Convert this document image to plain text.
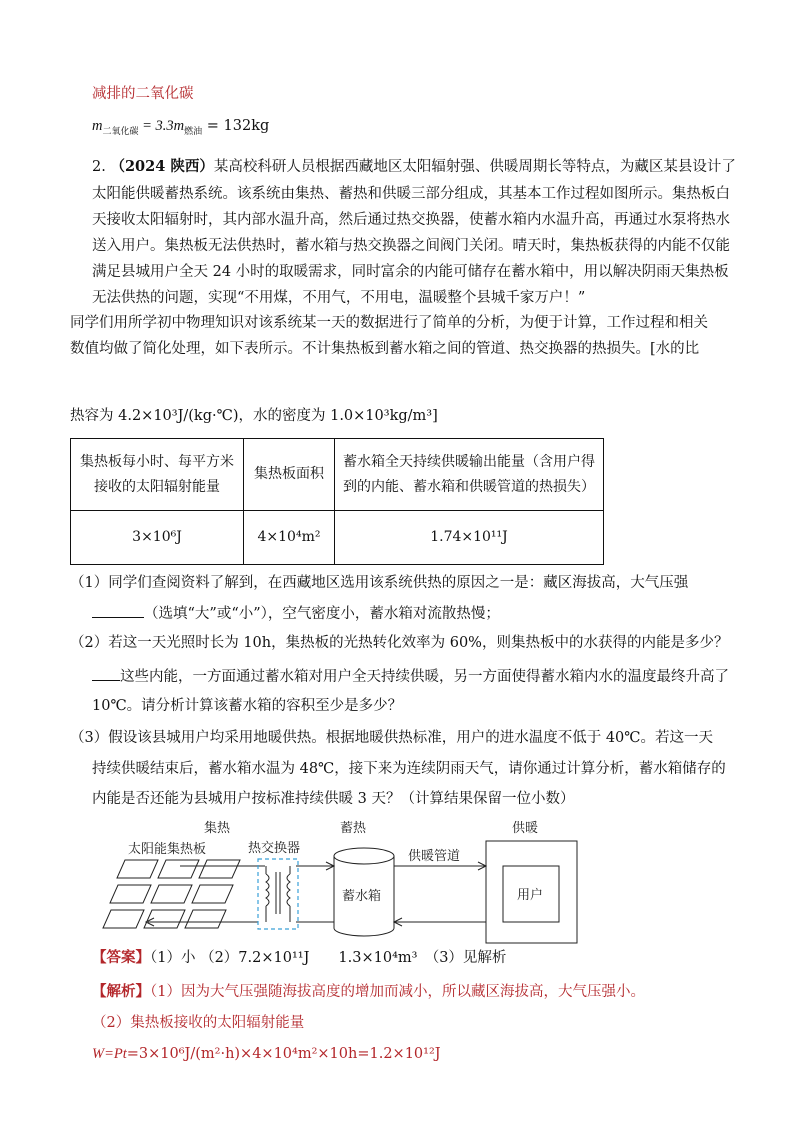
减排的二氧化碳
$m_{二氧化碳} = 3.3m_{燃油} = 132kg$
2. （2024 陕西）某高校科研人员根据西藏地区太阳辐射强、供暖周期长等特点，为藏区某县设计了
太阳能供暖蓄热系统。该系统由集热、蓄热和供暖三部分组成，其基本工作过程如图所示。集热板白
天接收太阳辐射时，其内部水温升高，然后通过热交换器，使蓄水箱内水温升高，再通过水泵将热水
送入用户。集热板无法供热时，蓄水箱与热交换器之间阀门关闭。晴天时，集热板获得的内能不仅能
满足县城用户全天 24 小时的取暖需求，同时富余的内能可储存在蓄水箱中，用以解决阴雨天集热板
无法供热的问题，实现“不用煤，不用气，不用电，温暖整个县城千家万户！”
同学们用所学初中物理知识对该系统某一天的数据进行了简单的分析，为便于计算，工作过程和相关
数值均做了简化处理，如下表所示。不计集热板到蓄水箱之间的管道、热交换器的热损失。[水的比
热容为 4.2×10³J/(kg·℃)，水的密度为 1.0×10³kg/m³]
集热板每小时、每平方米接收的太阳辐射能量	集热板面积	蓄水箱全天持续供暖输出能量（含用户得到的内能、蓄水箱和供暖管道的热损失）
3×10⁶J	4×10⁴m²	1.74×10¹¹J
（1）同学们查阅资料了解到，在西藏地区选用该系统供热的原因之一是：藏区海拔高，大气压强
（选填“大”或“小”），空气密度小，蓄水箱对流散热慢；
（2）若这一天光照时长为 10h，集热板的光热转化效率为 60%，则集热板中的水获得的内能是多少？
这些内能，一方面通过蓄水箱对用户全天持续供暖，另一方面使得蓄水箱内水的温度最终升高了
10℃。请分析计算该蓄水箱的容积至少是多少？
（3）假设该县城用户均采用地暖供热。根据地暖供热标准，用户的进水温度不低于 40℃。若这一天
持续供暖结束后，蓄水箱水温为 48℃，接下来为连续阴雨天气，请你通过计算分析，蓄水箱储存的
内能是否还能为县城用户按标准持续供暖 3 天？（计算结果保留一位小数）
集热	蓄热	供暖
太阳能集热板	热交换器
蓄水箱
供暖管道
用户
【答案】（1）小 （2）7.2×10¹¹J　　1.3×10⁴m³　（3）见解析
【解析】（1）因为大气压强随海拔高度的增加而减小，所以藏区海拔高，大气压强小。
（2）集热板接收的太阳辐射能量
W=Pt=3×10⁶J/(m²·h)×4×10⁴m²×10h=1.2×10¹²J
